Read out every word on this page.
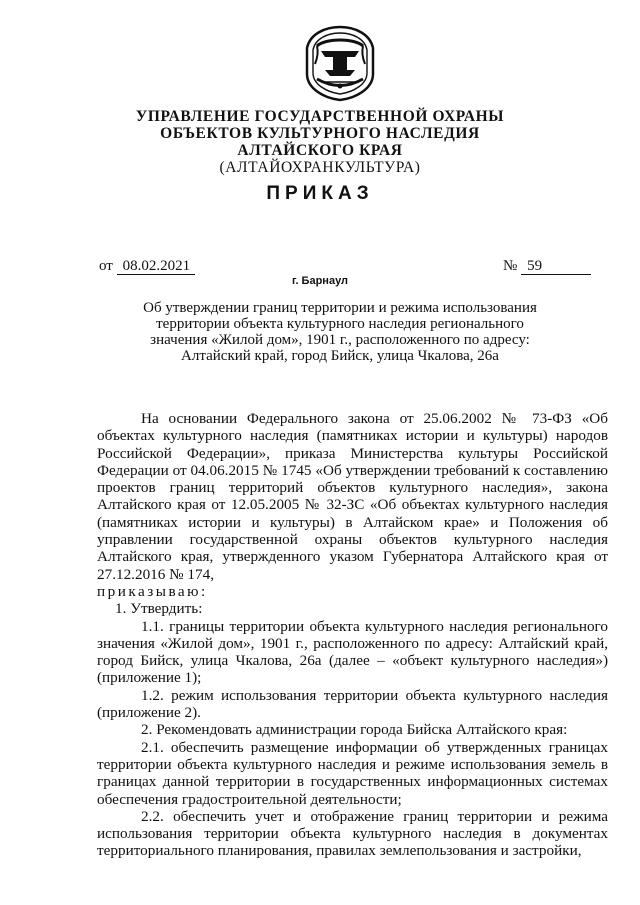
УПРАВЛЕНИЕ ГОСУДАРСТВЕННОЙ ОХРАНЫ
ОБЪЕКТОВ КУЛЬТУРНОГО НАСЛЕДИЯ
АЛТАЙСКОГО КРАЯ
(АЛТАЙОХРАНКУЛЬТУРА)
ПРИКАЗ
от 08.02.2021	№ 59
г. Барнаул
Об утверждении границ территории и режима использования
территории объекта культурного наследия регионального
значения «Жилой дом», 1901 г., расположенного по адресу:
Алтайский край, город Бийск, улица Чкалова, 26а

На основании Федерального закона от 25.06.2002 № 73-ФЗ «Об объектах культурного наследия (памятниках истории и культуры) народов Российской Федерации», приказа Министерства культуры Российской Федерации от 04.06.2015 № 1745 «Об утверждении требований к составлению проектов границ территорий объектов культурного наследия», закона Алтайского края от 12.05.2005 № 32-ЗС «Об объектах культурного наследия (памятниках истории и культуры) в Алтайском крае» и Положения об управлении государственной охраны объектов культурного наследия Алтайского края, утвержденного указом Губернатора Алтайского края от 27.12.2016 № 174,

приказываю:

1. Утвердить:

1.1. границы территории объекта культурного наследия регионального значения «Жилой дом», 1901 г., расположенного по адресу: Алтайский край, город Бийск, улица Чкалова, 26а (далее – «объект культурного наследия») (приложение 1);

1.2. режим использования территории объекта культурного наследия (приложение 2).

2. Рекомендовать администрации города Бийска Алтайского края:

2.1. обеспечить размещение информации об утвержденных границах территории объекта культурного наследия и режиме использования земель в границах данной территории в государственных информационных системах обеспечения градостроительной деятельности;

2.2. обеспечить учет и отображение границ территории и режима использования территории объекта культурного наследия в документах территориального планирования, правилах землепользования и застройки,
